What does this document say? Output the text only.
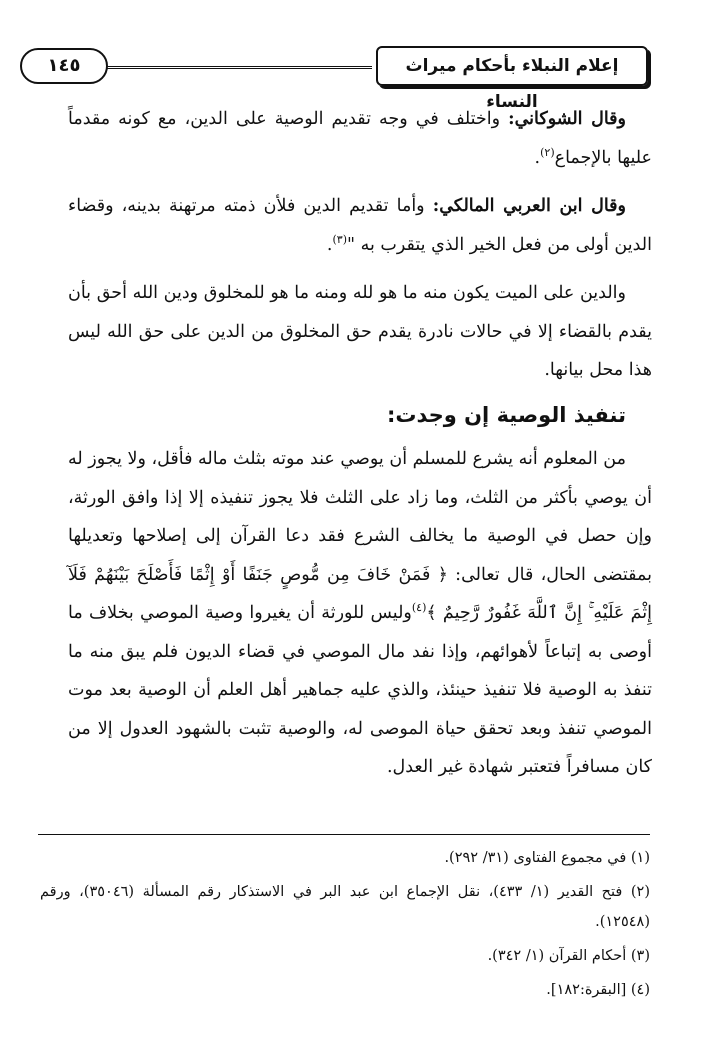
١٤٥	إعلام النبلاء بأحكام ميراث النساء

وقال الشوكاني: واختلف في وجه تقديم الوصية على الدين، مع كونه مقدماً عليها بالإجماع$^{(٢)}$.

وقال ابن العربي المالكي: وأما تقديم الدين فلأن ذمته مرتهنة بدينه، وقضاء الدين أولى من فعل الخير الذي يتقرب به "$^{(٣)}$.

والدين على الميت يكون منه ما هو لله ومنه ما هو للمخلوق ودين الله أحق بأن يقدم بالقضاء إلا في حالات نادرة يقدم حق المخلوق من الدين على حق الله ليس هذا محل بيانها.

تنفيذ الوصية إن وجدت:

من المعلوم أنه يشرع للمسلم أن يوصي عند موته بثلث ماله فأقل، ولا يجوز له أن يوصي بأكثر من الثلث، وما زاد على الثلث فلا يجوز تنفيذه إلا إذا وافق الورثة، وإن حصل في الوصية ما يخالف الشرع فقد دعا القرآن إلى إصلاحها وتعديلها بمقتضى الحال، قال تعالى: ﴿ فَمَنْ خَافَ مِن مُّوصٍ جَنَفًا أَوْ إِثْمًا فَأَصْلَحَ بَيْنَهُمْ فَلَآ إِثْمَ عَلَيْهِ ۚ إِنَّ ٱللَّهَ غَفُورٌ رَّحِيمٌ ﴾$^{(٤)}$وليس للورثة أن يغيروا وصية الموصي بخلاف ما أوصى به إتباعاً لأهوائهم، وإذا نفد مال الموصي في قضاء الديون فلم يبق منه ما تنفذ به الوصية فلا تنفيذ حينئذ، والذي عليه جماهير أهل العلم أن الوصية بعد موت الموصي تنفذ وبعد تحقق حياة الموصى له، والوصية تثبت بالشهود العدول إلا من كان مسافراً فتعتبر شهادة غير العدل.

(١) في مجموع الفتاوى (٣١/ ٢٩٢).
(٢) فتح القدير (١/ ٤٣٣)، نقل الإجماع ابن عبد البر في الاستذكار رقم المسألة (٣٥٠٤٦)، ورقم (١٢٥٤٨).
(٣) أحكام القرآن (١/ ٣٤٢).
(٤) [البقرة:١٨٢].
